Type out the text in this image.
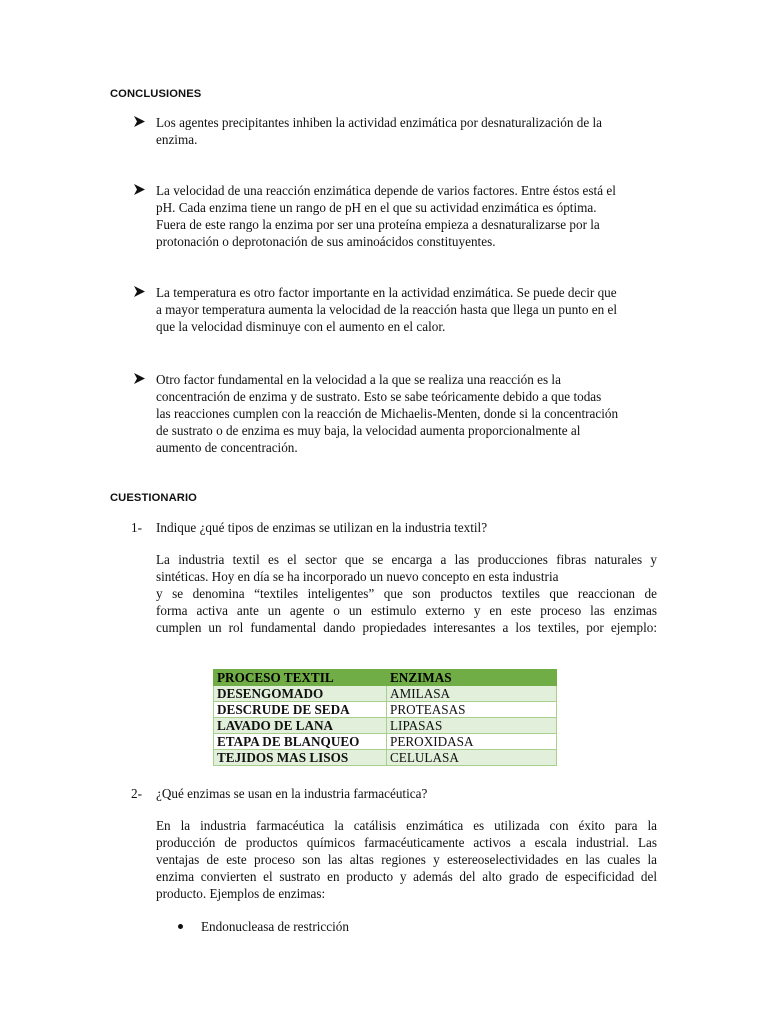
CONCLUSIONES
Los agentes precipitantes inhiben la actividad enzimática por desnaturalización de la
enzima.
La velocidad de una reacción enzimática depende de varios factores. Entre éstos está el
pH. Cada enzima tiene un rango de pH en el que su actividad enzimática es óptima.
Fuera de este rango la enzima por ser una proteína empieza a desnaturalizarse por la
protonación o deprotonación de sus aminoácidos constituyentes.
La temperatura es otro factor importante en la actividad enzimática. Se puede decir que
a mayor temperatura aumenta la velocidad de la reacción hasta que llega un punto en el
que la velocidad disminuye con el aumento en el calor.
Otro factor fundamental en la velocidad a la que se realiza una reacción es la
concentración de enzima y de sustrato. Esto se sabe teóricamente debido a que todas
las reacciones cumplen con la reacción de Michaelis-Menten, donde si la concentración
de sustrato o de enzima es muy baja, la velocidad aumenta proporcionalmente al
aumento de concentración.
CUESTIONARIO
1- Indique ¿qué tipos de enzimas se utilizan en la industria textil?
La industria textil es el sector que se encarga a las producciones fibras naturales y
sintéticas. Hoy en día se ha incorporado un nuevo concepto en esta industria
y se denomina “textiles inteligentes” que son productos textiles que reaccionan de
forma activa ante un agente o un estimulo externo y en este proceso las enzimas
cumplen un rol fundamental dando propiedades interesantes a los textiles, por ejemplo:
PROCESO TEXTIL	ENZIMAS
DESENGOMADO	AMILASA
DESCRUDE DE SEDA	PROTEASAS
LAVADO DE LANA	LIPASAS
ETAPA DE BLANQUEO	PEROXIDASA
TEJIDOS MAS LISOS	CELULASA
2- ¿Qué enzimas se usan en la industria farmacéutica?
En la industria farmacéutica la catálisis enzimática es utilizada con éxito para la
producción de productos químicos farmacéuticamente activos a escala industrial. Las
ventajas de este proceso son las altas regiones y estereoselectividades en las cuales la
enzima convierten el sustrato en producto y además del alto grado de especificidad del
producto. Ejemplos de enzimas:
Endonucleasa de restricción
